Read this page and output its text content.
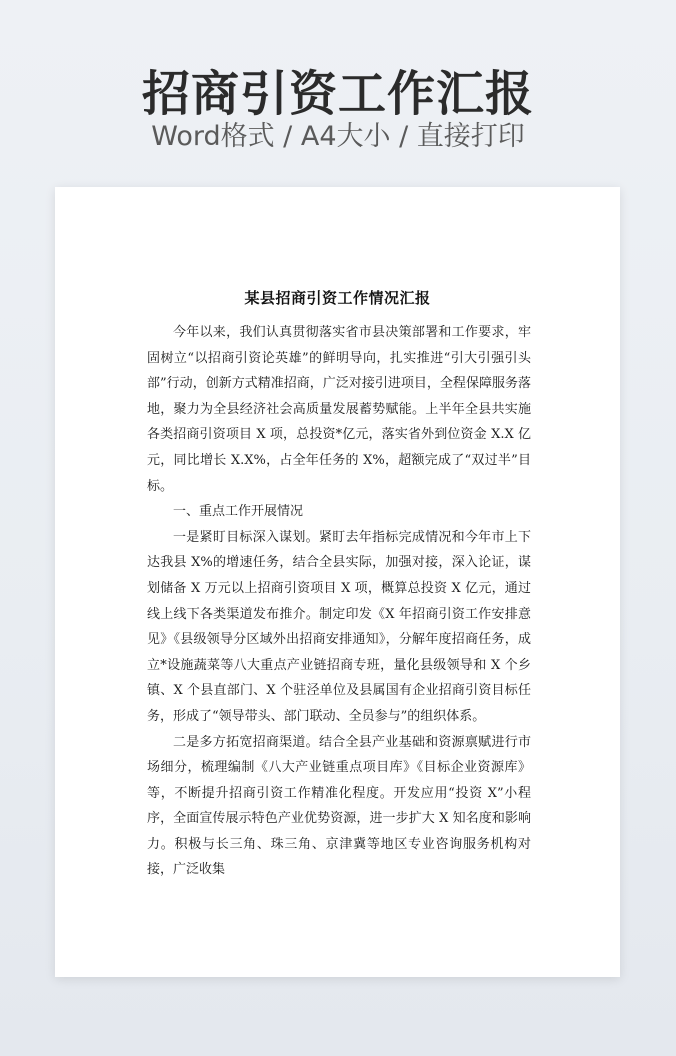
招商引资工作汇报
Word格式 / A4大小 / 直接打印
某县招商引资工作情况汇报

今年以来，我们认真贯彻落实省市县决策部署和工作要求，牢固树立“以招商引资论英雄”的鲜明导向，扎实推进“引大引强引头部”行动，创新方式精准招商，广泛对接引进项目，全程保障服务落地，聚力为全县经济社会高质量发展蓄势赋能。上半年全县共实施各类招商引资项目 X 项，总投资*亿元，落实省外到位资金 X.X 亿元，同比增长 X.X%，占全年任务的 X%，超额完成了“双过半”目标。

一、重点工作开展情况

一是紧盯目标深入谋划。紧盯去年指标完成情况和今年市上下达我县 X%的增速任务，结合全县实际，加强对接，深入论证，谋划储备 X 万元以上招商引资项目 X 项，概算总投资 X 亿元，通过线上线下各类渠道发布推介。制定印发《X 年招商引资工作安排意见》《县级领导分区域外出招商安排通知》，分解年度招商任务，成立*设施蔬菜等八大重点产业链招商专班，量化县级领导和 X 个乡镇、X 个县直部门、X 个驻泾单位及县属国有企业招商引资目标任务，形成了“领导带头、部门联动、全员参与”的组织体系。

二是多方拓宽招商渠道。结合全县产业基础和资源禀赋进行市场细分，梳理编制《八大产业链重点项目库》《目标企业资源库》等，不断提升招商引资工作精准化程度。开发应用“投资 X”小程序，全面宣传展示特色产业优势资源，进一步扩大 X 知名度和影响力。积极与长三角、珠三角、京津冀等地区专业咨询服务机构对接，广泛收集
